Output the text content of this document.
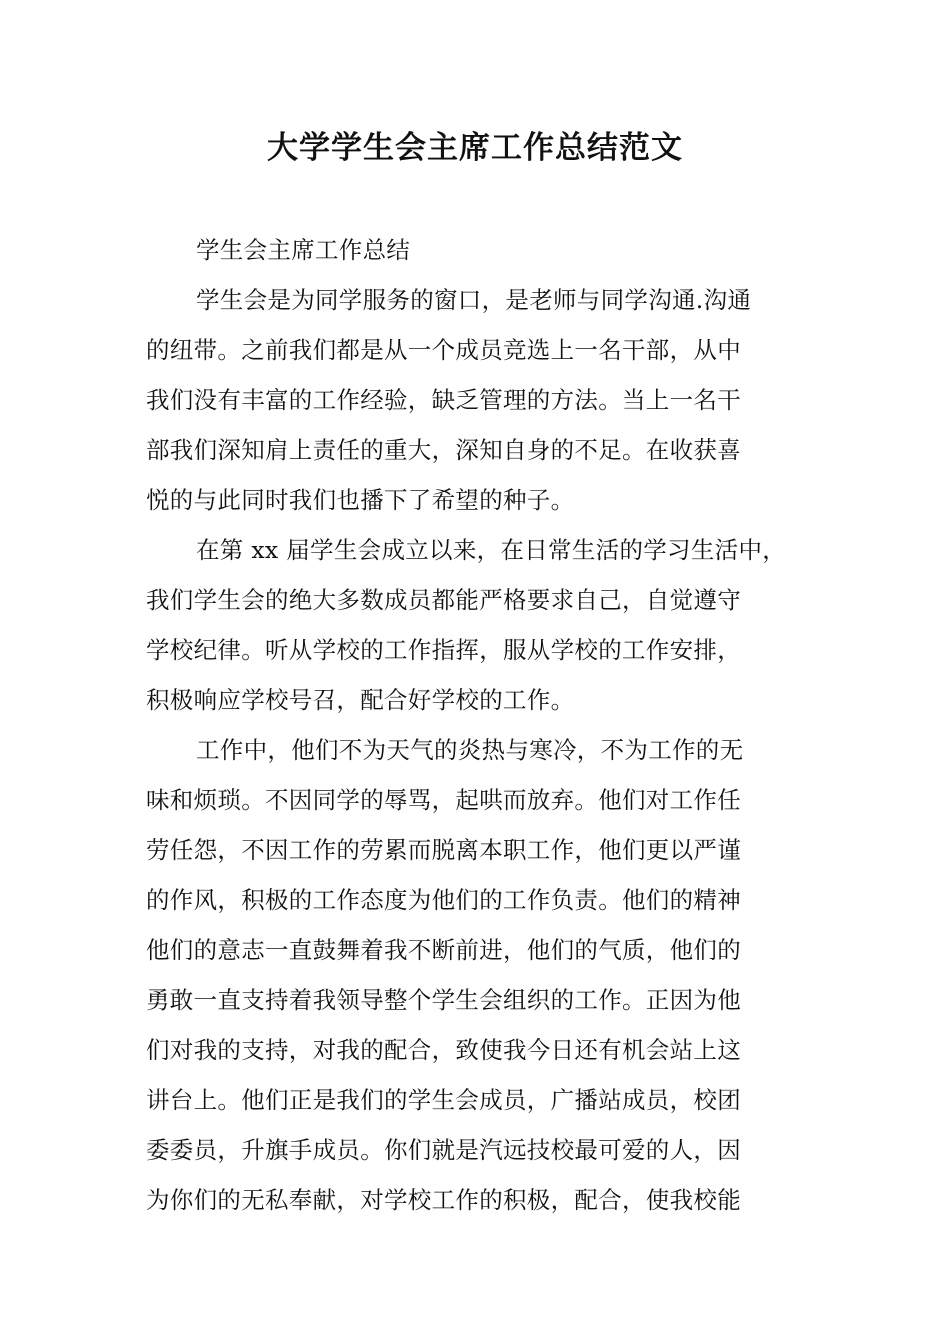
大学学生会主席工作总结范文
学生会主席工作总结
学生会是为同学服务的窗口，是老师与同学沟通.沟通
的纽带。之前我们都是从一个成员竞选上一名干部，从中
我们没有丰富的工作经验，缺乏管理的方法。当上一名干
部我们深知肩上责任的重大，深知自身的不足。在收获喜
悦的与此同时我们也播下了希望的种子。
在第 xx 届学生会成立以来，在日常生活的学习生活中，
我们学生会的绝大多数成员都能严格要求自己，自觉遵守
学校纪律。听从学校的工作指挥，服从学校的工作安排，
积极响应学校号召，配合好学校的工作。
工作中，他们不为天气的炎热与寒冷，不为工作的无
味和烦琐。不因同学的辱骂，起哄而放弃。他们对工作任
劳任怨，不因工作的劳累而脱离本职工作，他们更以严谨
的作风，积极的工作态度为他们的工作负责。他们的精神
他们的意志一直鼓舞着我不断前进，他们的气质，他们的
勇敢一直支持着我领导整个学生会组织的工作。正因为他
们对我的支持，对我的配合，致使我今日还有机会站上这
讲台上。他们正是我们的学生会成员，广播站成员，校团
委委员，升旗手成员。你们就是汽远技校最可爱的人，因
为你们的无私奉献，对学校工作的积极，配合，使我校能
